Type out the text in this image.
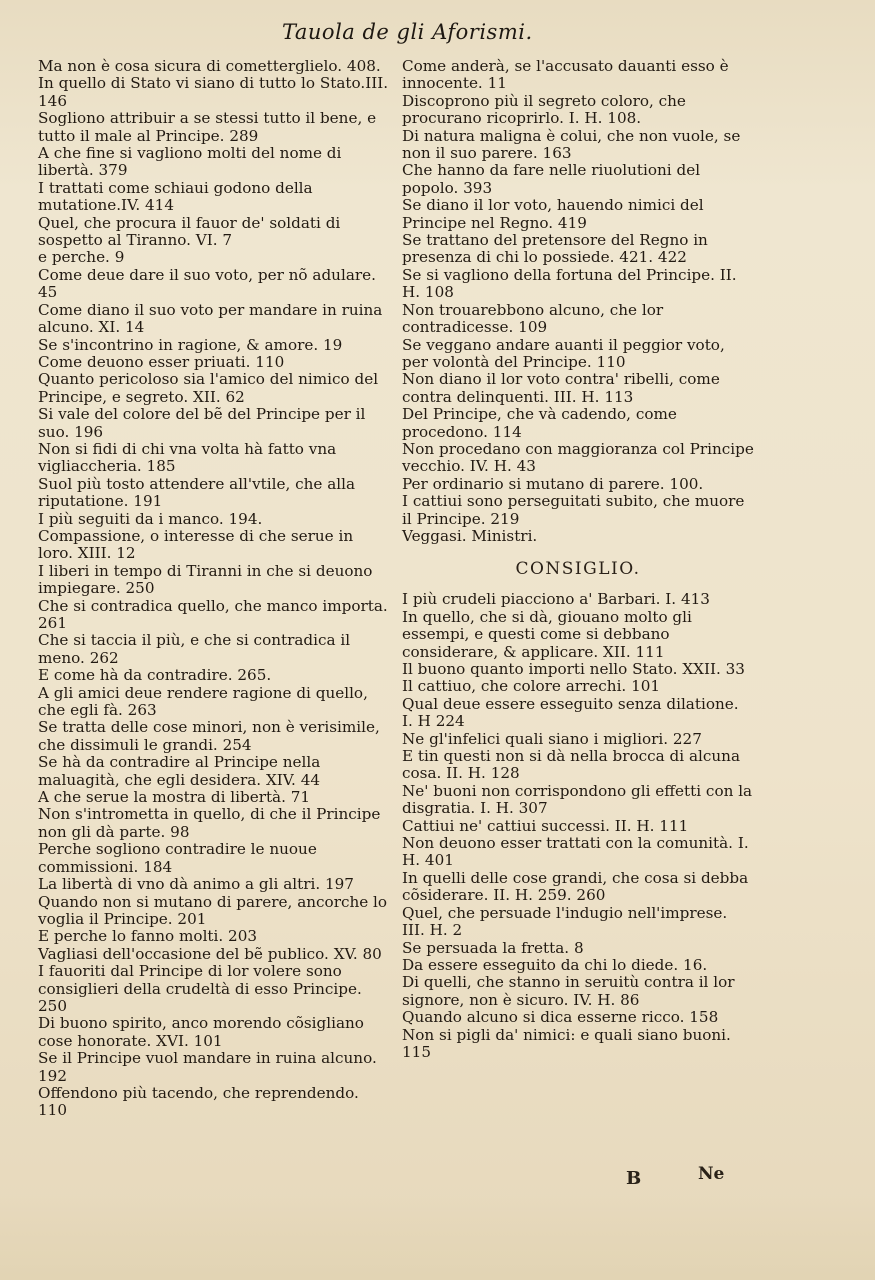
Tauola de gli Aforismi.
Ma non è cosa sicura di cometterglielo. 408.
In quello di Stato vi siano di tutto lo Stato.III. 146
Sogliono attribuir a se stessi tutto il bene, e tutto il male al Principe. 289
A che fine si vagliono molti del nome di libertà. 379
I trattati come schiaui godono della mutatione.IV. 414
Quel, che procura il fauor de' soldati di sospetto al Tiranno. VI. 7
e perche. 9
Come deue dare il suo voto, per nõ adulare. 45
Come diano il suo voto per mandare in ruina alcuno. XI. 14
Se s'incontrino in ragione, & amore. 19
Come deuono esser priuati. 110
Quanto pericoloso sia l'amico del nimico del Principe, e segreto. XII. 62
Si vale del colore del bẽ del Principe per il suo. 196
Non si fidi di chi vna volta hà fatto vna vigliaccheria. 185
Suol più tosto attendere all'vtile, che alla riputatione. 191
I più seguiti da i manco. 194.
Compassione, o interesse di che serue in loro. XIII. 12
I liberi in tempo di Tiranni in che si deuono impiegare. 250
Che si contradica quello, che manco importa. 261
Che si taccia il più, e che si contradica il meno. 262
E come hà da contradire. 265.
A gli amici deue rendere ragione di quello, che egli fà. 263
Se tratta delle cose minori, non è verisimile, che dissimuli le grandi. 254
Se hà da contradire al Principe nella maluagità, che egli desidera. XIV. 44
A che serue la mostra di libertà. 71
Non s'intrometta in quello, di che il Principe non gli dà parte. 98
Perche sogliono contradire le nuoue commissioni. 184
La libertà di vno dà animo a gli altri. 197
Quando non si mutano di parere, ancorche lo voglia il Principe. 201
E perche lo fanno molti. 203
Vagliasi dell'occasione del bẽ publico. XV. 80
I fauoriti dal Principe di lor volere sono consiglieri della crudeltà di esso Principe. 250
Di buono spirito, anco morendo cõsigliano cose honorate. XVI. 101
Se il Principe vuol mandare in ruina alcuno. 192
Offendono più tacendo, che reprendendo. 110
Come anderà, se l'accusato dauanti esso è innocente. 11
Discoprono più il segreto coloro, che procurano ricoprirlo. I. H. 108.
Di natura maligna è colui, che non vuole, se non il suo parere. 163
Che hanno da fare nelle riuolutioni del popolo. 393
Se diano il lor voto, hauendo nimici del Principe nel Regno. 419
Se trattano del pretensore del Regno in presenza di chi lo possiede. 421. 422
Se si vagliono della fortuna del Principe. II. H. 108
Non trouarebbono alcuno, che lor contradicesse. 109
Se veggano andare auanti il peggior voto, per volontà del Principe. 110
Non diano il lor voto contra' ribelli, come contra delinquenti. III. H. 113
Del Principe, che và cadendo, come procedono. 114
Non procedano con maggioranza col Principe vecchio. IV. H. 43
Per ordinario si mutano di parere. 100.
I cattiui sono perseguitati subito, che muore il Principe. 219
Veggasi. Ministri.
CONSIGLIO.
I più crudeli piacciono a' Barbari. I. 413
In quello, che si dà, giouano molto gli essempi, e questi come si debbano considerare, & applicare. XII. 111
Il buono quanto importi nello Stato. XXII. 33
Il cattiuo, che colore arrechi. 101
Qual deue essere esseguito senza dilatione. I. H 224
Ne gl'infelici quali siano i migliori. 227
E tin questi non si dà nella brocca di alcuna cosa. II. H. 128
Ne' buoni non corrispondono gli effetti con la disgratia. I. H. 307
Cattiui ne' cattiui successi. II. H. 111
Non deuono esser trattati con la comunità. I. H. 401
In quelli delle cose grandi, che cosa si debba cõsiderare. II. H. 259. 260
Quel, che persuade l'indugio nell'imprese. III. H. 2
Se persuada la fretta. 8
Da essere esseguito da chi lo diede. 16.
Di quelli, che stanno in seruitù contra il lor signore, non è sicuro. IV. H. 86
Quando alcuno si dica esserne ricco. 158
Non si pigli da' nimici: e quali siano buoni. 115
B	Ne
